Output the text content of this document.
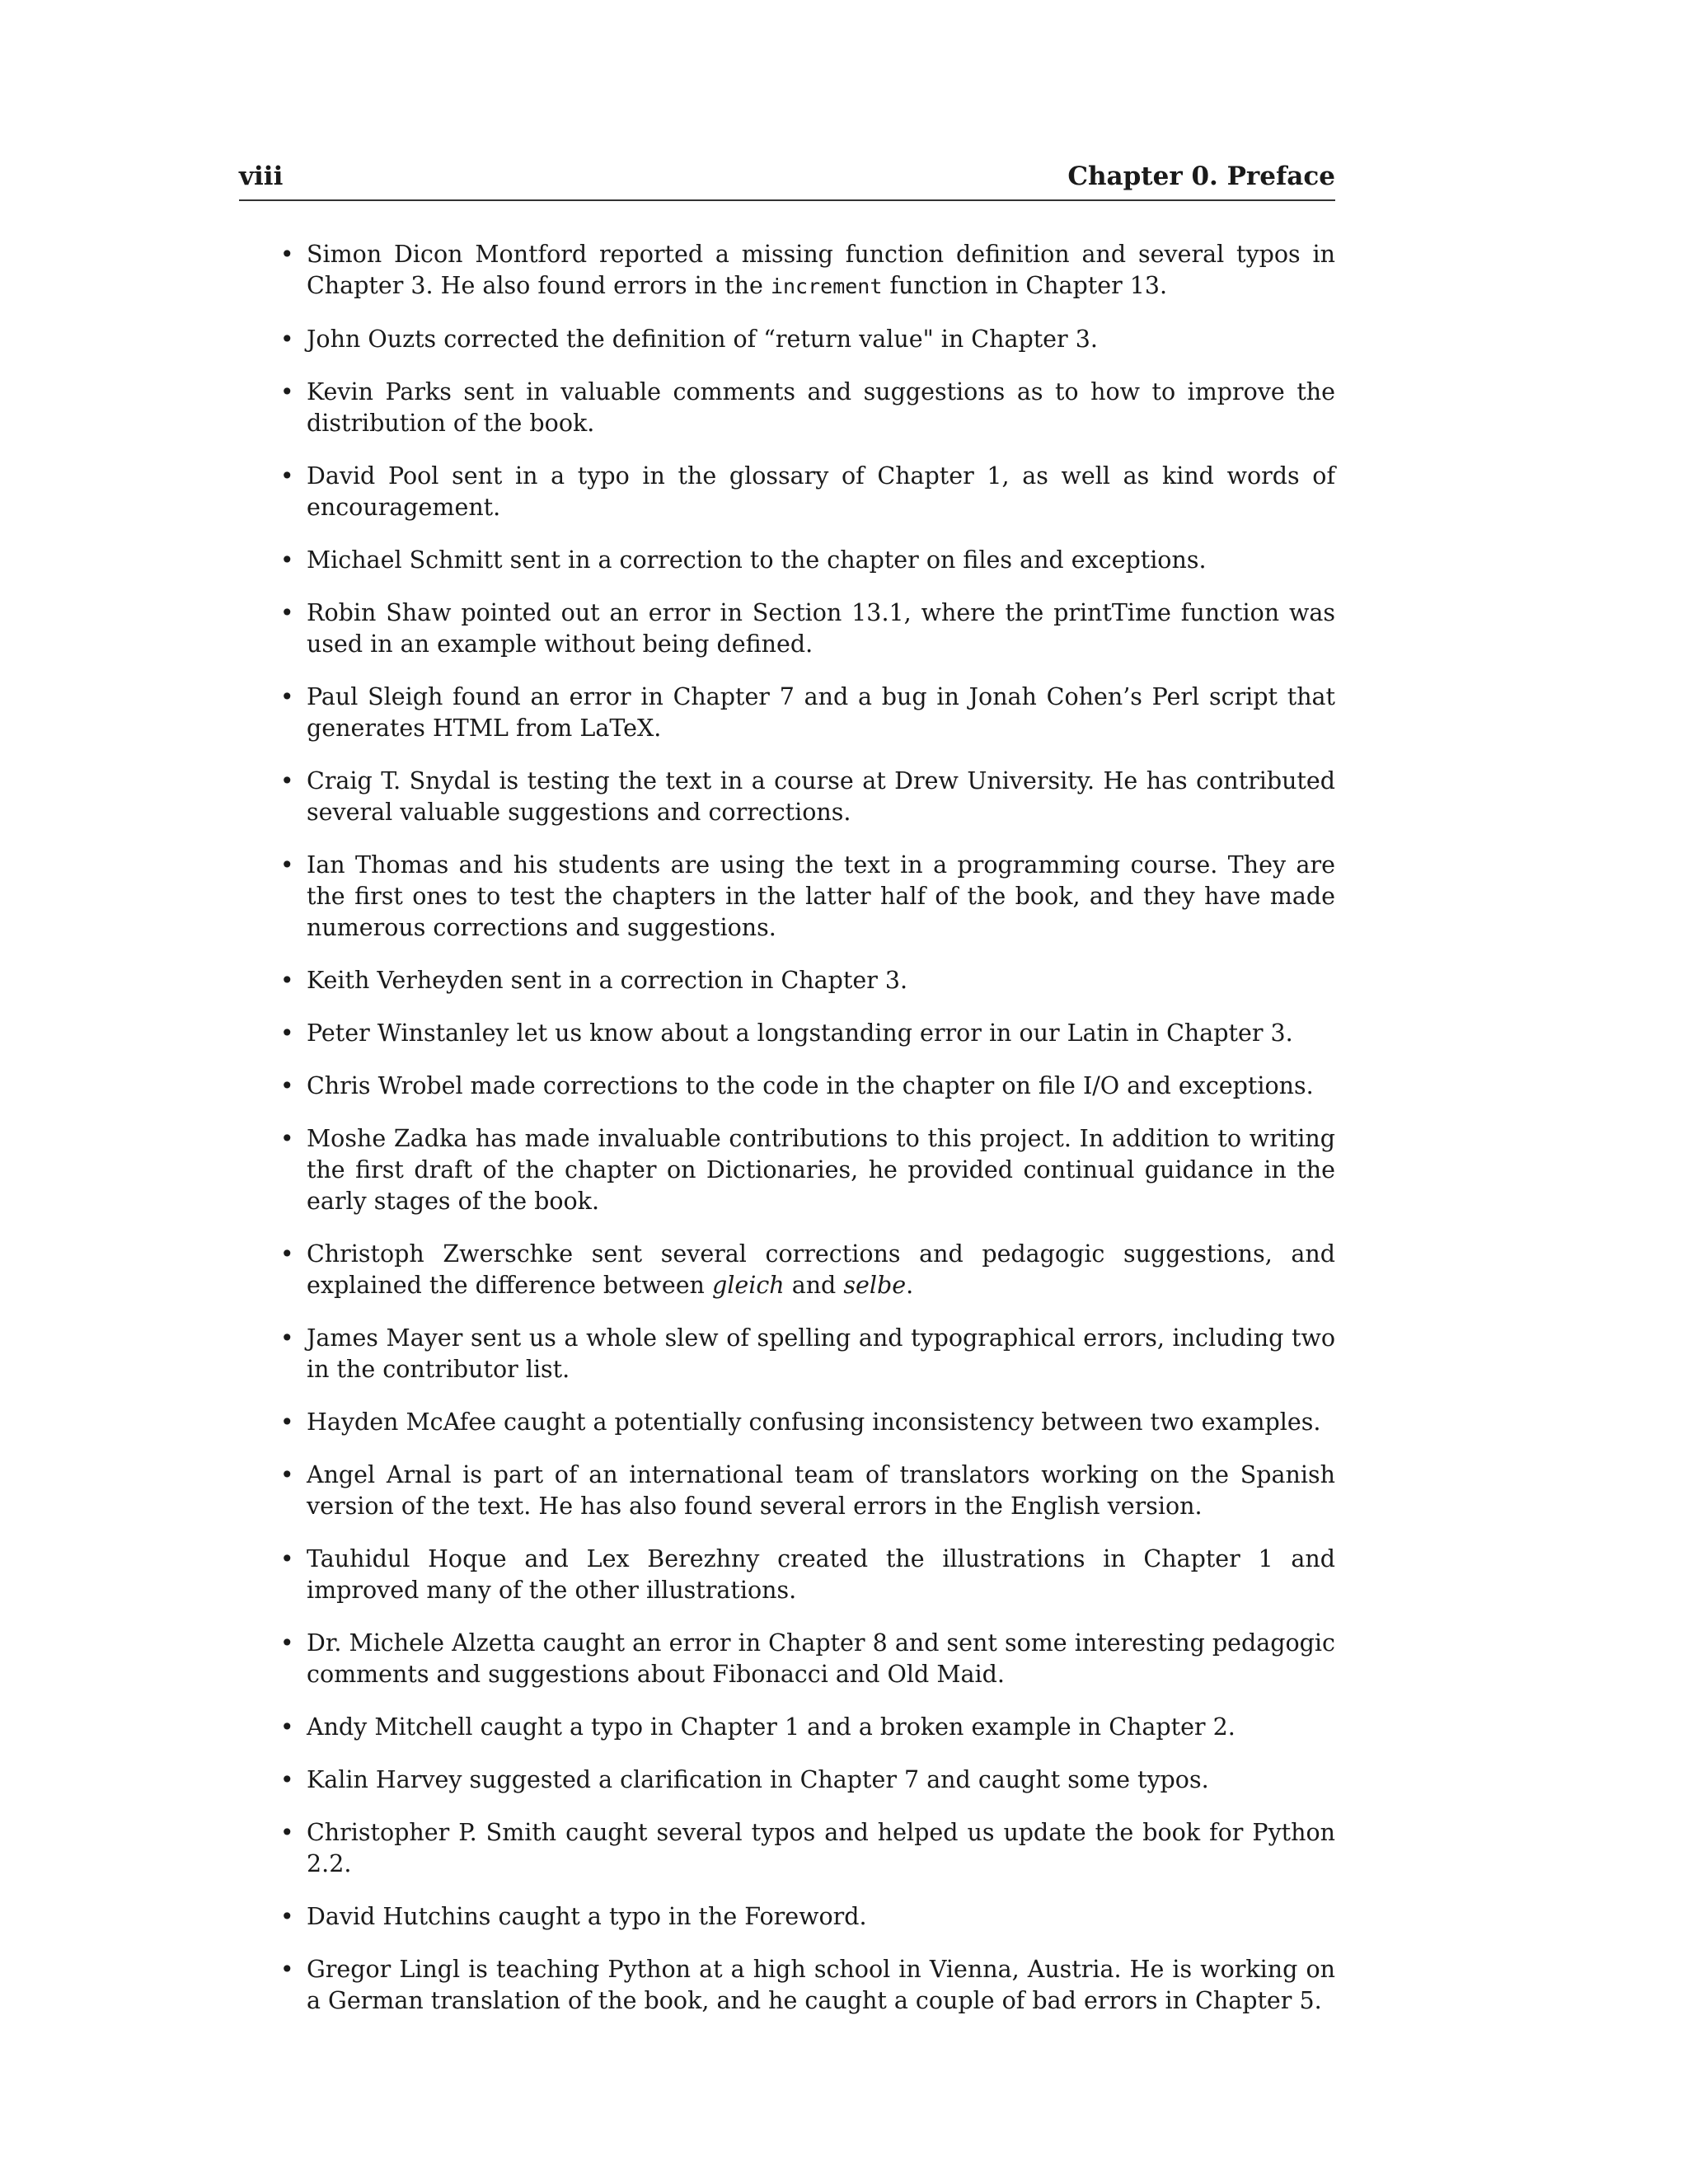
viii	Chapter 0. Preface
• Simon Dicon Montford reported a missing function definition and several typos in Chapter 3. He also found errors in the increment function in Chapter 13.
• John Ouzts corrected the definition of “return value" in Chapter 3.
• Kevin Parks sent in valuable comments and suggestions as to how to improve the distribution of the book.
• David Pool sent in a typo in the glossary of Chapter 1, as well as kind words of encouragement.
• Michael Schmitt sent in a correction to the chapter on files and exceptions.
• Robin Shaw pointed out an error in Section 13.1, where the printTime function was used in an example without being defined.
• Paul Sleigh found an error in Chapter 7 and a bug in Jonah Cohen’s Perl script that generates HTML from LaTeX.
• Craig T. Snydal is testing the text in a course at Drew University. He has contributed several valuable suggestions and corrections.
• Ian Thomas and his students are using the text in a programming course. They are the first ones to test the chapters in the latter half of the book, and they have made numerous corrections and suggestions.
• Keith Verheyden sent in a correction in Chapter 3.
• Peter Winstanley let us know about a longstanding error in our Latin in Chapter 3.
• Chris Wrobel made corrections to the code in the chapter on file I/O and exceptions.
• Moshe Zadka has made invaluable contributions to this project. In addition to writing the first draft of the chapter on Dictionaries, he provided continual guidance in the early stages of the book.
• Christoph Zwerschke sent several corrections and pedagogic suggestions, and explained the difference between gleich and selbe.
• James Mayer sent us a whole slew of spelling and typographical errors, including two in the contributor list.
• Hayden McAfee caught a potentially confusing inconsistency between two examples.
• Angel Arnal is part of an international team of translators working on the Spanish version of the text. He has also found several errors in the English version.
• Tauhidul Hoque and Lex Berezhny created the illustrations in Chapter 1 and improved many of the other illustrations.
• Dr. Michele Alzetta caught an error in Chapter 8 and sent some interesting pedagogic comments and suggestions about Fibonacci and Old Maid.
• Andy Mitchell caught a typo in Chapter 1 and a broken example in Chapter 2.
• Kalin Harvey suggested a clarification in Chapter 7 and caught some typos.
• Christopher P. Smith caught several typos and helped us update the book for Python 2.2.
• David Hutchins caught a typo in the Foreword.
• Gregor Lingl is teaching Python at a high school in Vienna, Austria. He is working on a German translation of the book, and he caught a couple of bad errors in Chapter 5.
